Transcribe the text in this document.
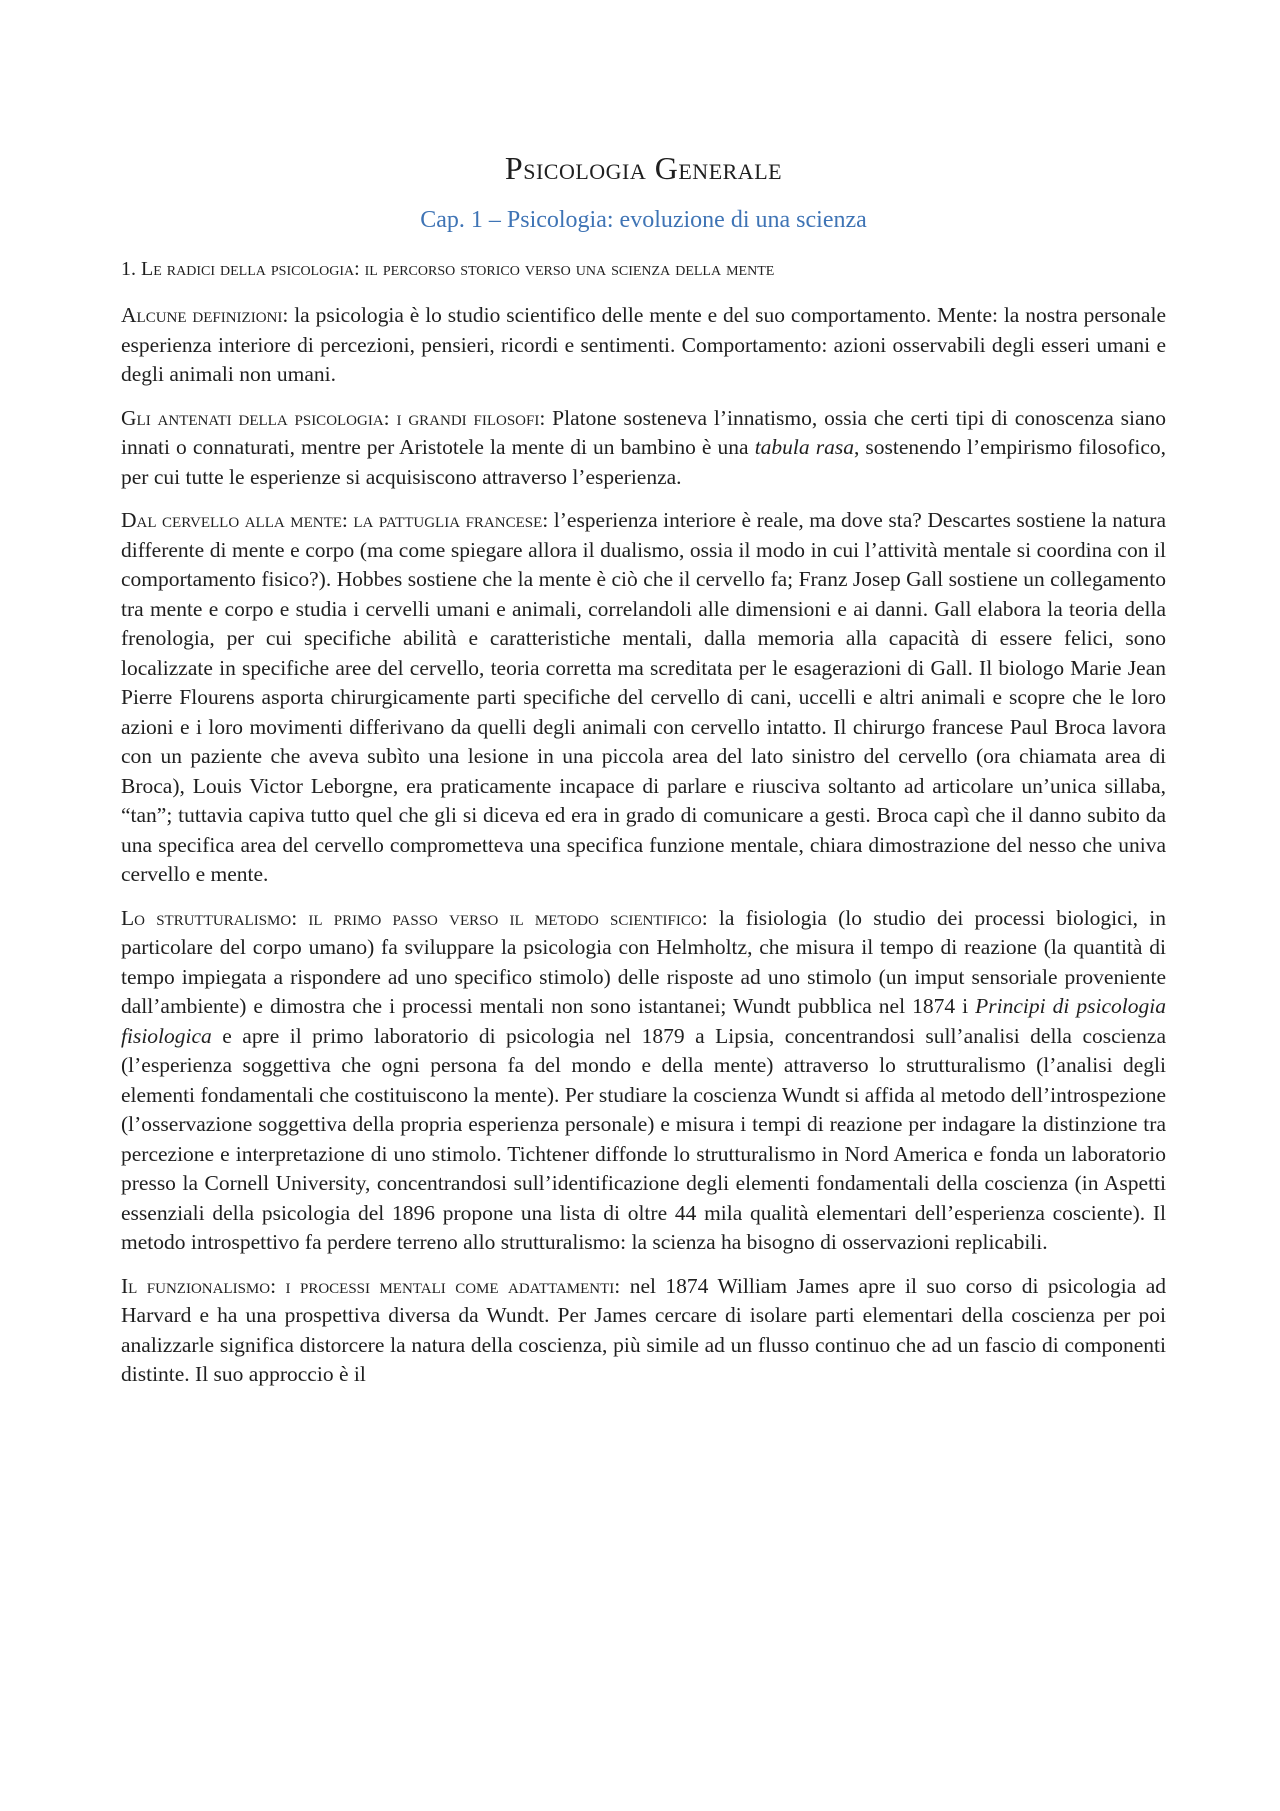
Psicologia Generale
Cap. 1 – Psicologia: evoluzione di una scienza
1. Le radici della psicologia: il percorso storico verso una scienza della mente

Alcune definizioni: la psicologia è lo studio scientifico delle mente e del suo comportamento. Mente: la nostra personale esperienza interiore di percezioni, pensieri, ricordi e sentimenti. Comportamento: azioni osservabili degli esseri umani e degli animali non umani.

Gli antenati della psicologia: i grandi filosofi: Platone sosteneva l’innatismo, ossia che certi tipi di conoscenza siano innati o connaturati, mentre per Aristotele la mente di un bambino è una tabula rasa, sostenendo l’empirismo filosofico, per cui tutte le esperienze si acquisiscono attraverso l’esperienza.

Dal cervello alla mente: la pattuglia francese: l’esperienza interiore è reale, ma dove sta? Descartes sostiene la natura differente di mente e corpo (ma come spiegare allora il dualismo, ossia il modo in cui l’attività mentale si coordina con il comportamento fisico?). Hobbes sostiene che la mente è ciò che il cervello fa; Franz Josep Gall sostiene un collegamento tra mente e corpo e studia i cervelli umani e animali, correlandoli alle dimensioni e ai danni. Gall elabora la teoria della frenologia, per cui specifiche abilità e caratteristiche mentali, dalla memoria alla capacità di essere felici, sono localizzate in specifiche aree del cervello, teoria corretta ma screditata per le esagerazioni di Gall. Il biologo Marie Jean Pierre Flourens asporta chirurgicamente parti specifiche del cervello di cani, uccelli e altri animali e scopre che le loro azioni e i loro movimenti differivano da quelli degli animali con cervello intatto. Il chirurgo francese Paul Broca lavora con un paziente che aveva subìto una lesione in una piccola area del lato sinistro del cervello (ora chiamata area di Broca), Louis Victor Leborgne, era praticamente incapace di parlare e riusciva soltanto ad articolare un’unica sillaba, “tan”; tuttavia capiva tutto quel che gli si diceva ed era in grado di comunicare a gesti. Broca capì che il danno subito da una specifica area del cervello comprometteva una specifica funzione mentale, chiara dimostrazione del nesso che univa cervello e mente.

Lo strutturalismo: il primo passo verso il metodo scientifico: la fisiologia (lo studio dei processi biologici, in particolare del corpo umano) fa sviluppare la psicologia con Helmholtz, che misura il tempo di reazione (la quantità di tempo impiegata a rispondere ad uno specifico stimolo) delle risposte ad uno stimolo (un imput sensoriale proveniente dall’ambiente) e dimostra che i processi mentali non sono istantanei; Wundt pubblica nel 1874 i Principi di psicologia fisiologica e apre il primo laboratorio di psicologia nel 1879 a Lipsia, concentrandosi sull’analisi della coscienza (l’esperienza soggettiva che ogni persona fa del mondo e della mente) attraverso lo strutturalismo (l’analisi degli elementi fondamentali che costituiscono la mente). Per studiare la coscienza Wundt si affida al metodo dell’introspezione (l’osservazione soggettiva della propria esperienza personale) e misura i tempi di reazione per indagare la distinzione tra percezione e interpretazione di uno stimolo. Tichtener diffonde lo strutturalismo in Nord America e fonda un laboratorio presso la Cornell University, concentrandosi sull’identificazione degli elementi fondamentali della coscienza (in Aspetti essenziali della psicologia del 1896 propone una lista di oltre 44 mila qualità elementari dell’esperienza cosciente). Il metodo introspettivo fa perdere terreno allo strutturalismo: la scienza ha bisogno di osservazioni replicabili.

Il funzionalismo: i processi mentali come adattamenti: nel 1874 William James apre il suo corso di psicologia ad Harvard e ha una prospettiva diversa da Wundt. Per James cercare di isolare parti elementari della coscienza per poi analizzarle significa distorcere la natura della coscienza, più simile ad un flusso continuo che ad un fascio di componenti distinte. Il suo approccio è il
